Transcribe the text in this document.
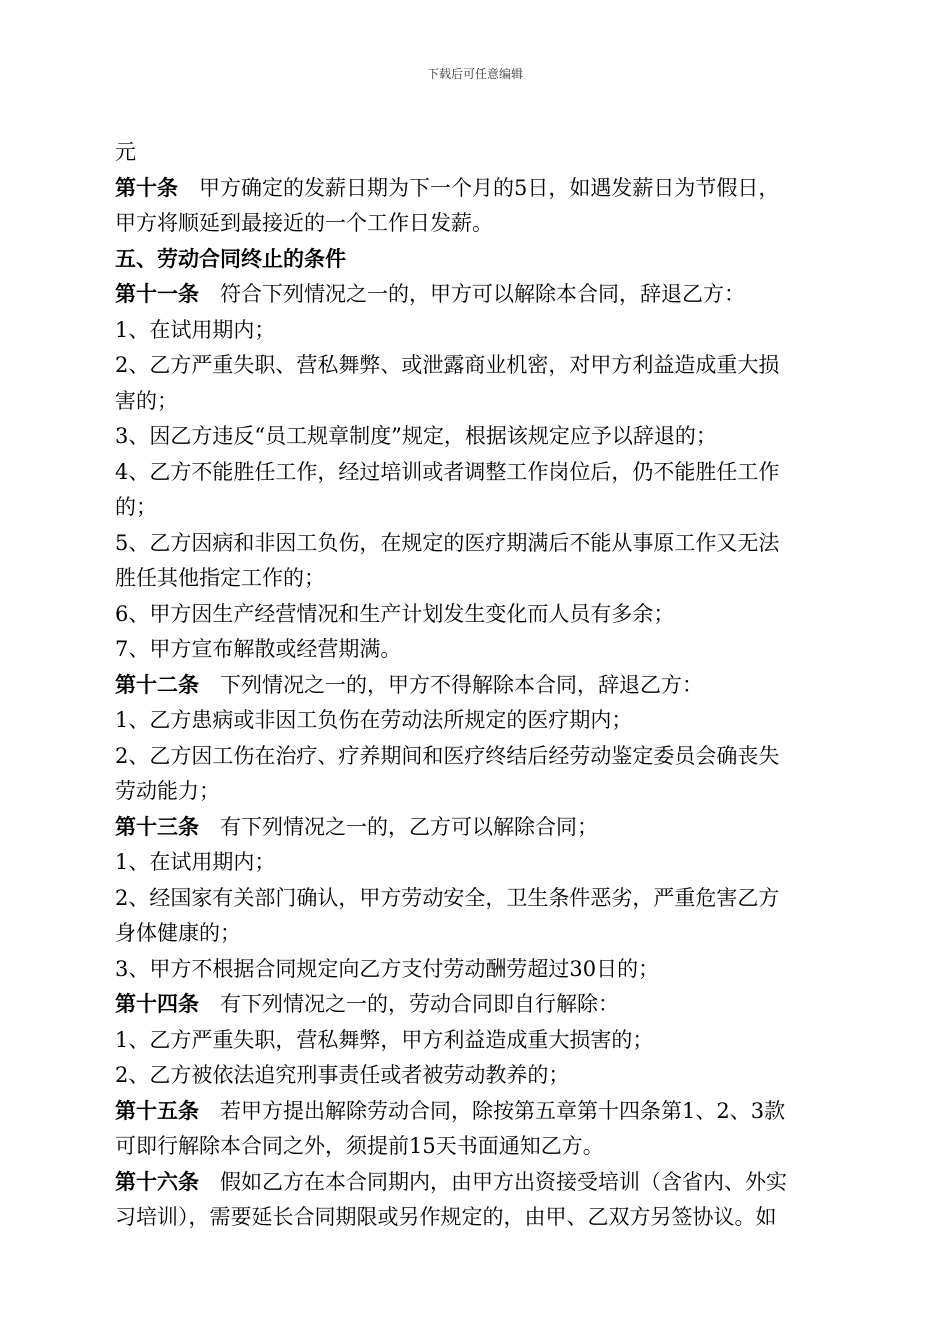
下载后可任意编辑
元
第十条　甲方确定的发薪日期为下一个月的5日，如遇发薪日为节假日，
甲方将顺延到最接近的一个工作日发薪。
五、劳动合同终止的条件
第十一条　符合下列情况之一的，甲方可以解除本合同，辞退乙方：
1、在试用期内；
2、乙方严重失职、营私舞弊、或泄露商业机密，对甲方利益造成重大损
害的；
3、因乙方违反“员工规章制度”规定，根据该规定应予以辞退的；
4、乙方不能胜任工作，经过培训或者调整工作岗位后，仍不能胜任工作
的；
5、乙方因病和非因工负伤，在规定的医疗期满后不能从事原工作又无法
胜任其他指定工作的；
6、甲方因生产经营情况和生产计划发生变化而人员有多余；
7、甲方宣布解散或经营期满。
第十二条　下列情况之一的，甲方不得解除本合同，辞退乙方：
1、乙方患病或非因工负伤在劳动法所规定的医疗期内；
2、乙方因工伤在治疗、疗养期间和医疗终结后经劳动鉴定委员会确丧失
劳动能力；
第十三条　有下列情况之一的，乙方可以解除合同；
1、在试用期内；
2、经国家有关部门确认，甲方劳动安全，卫生条件恶劣，严重危害乙方
身体健康的；
3、甲方不根据合同规定向乙方支付劳动酬劳超过30日的；
第十四条　有下列情况之一的，劳动合同即自行解除：
1、乙方严重失职，营私舞弊，甲方利益造成重大损害的；
2、乙方被依法追究刑事责任或者被劳动教养的；
第十五条　若甲方提出解除劳动合同，除按第五章第十四条第1、2、3款
可即行解除本合同之外，须提前15天书面通知乙方。
第十六条　假如乙方在本合同期内，由甲方出资接受培训（含省内、外实
习培训），需要延长合同期限或另作规定的，由甲、乙双方另签协议。如
